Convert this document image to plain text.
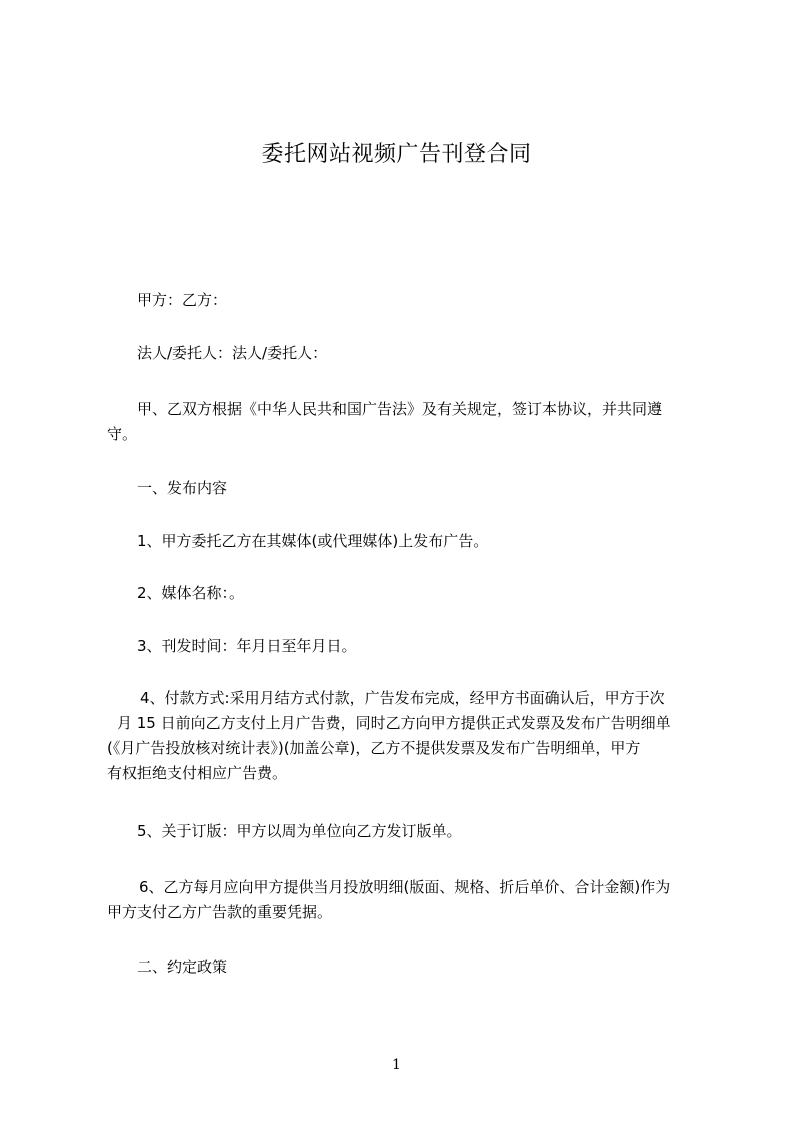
委托网站视频广告刊登合同
甲方：乙方：
法人/委托人：法人/委托人：
甲、乙双方根据《中华人民共和国广告法》及有关规定，签订本协议，并共同遵
守。
一、发布内容
1、甲方委托乙方在其媒体(或代理媒体)上发布广告。
2、媒体名称：。
3、刊发时间：年月日至年月日。
4、付款方式:采用月结方式付款，广告发布完成，经甲方书面确认后，甲方于次
月 15 日前向乙方支付上月广告费，同时乙方向甲方提供正式发票及发布广告明细单
(《月广告投放核对统计表》)(加盖公章)，乙方不提供发票及发布广告明细单，甲方
有权拒绝支付相应广告费。
5、关于订版：甲方以周为单位向乙方发订版单。
6、乙方每月应向甲方提供当月投放明细(版面、规格、折后单价、合计金额)作为
甲方支付乙方广告款的重要凭据。
二、约定政策
1
